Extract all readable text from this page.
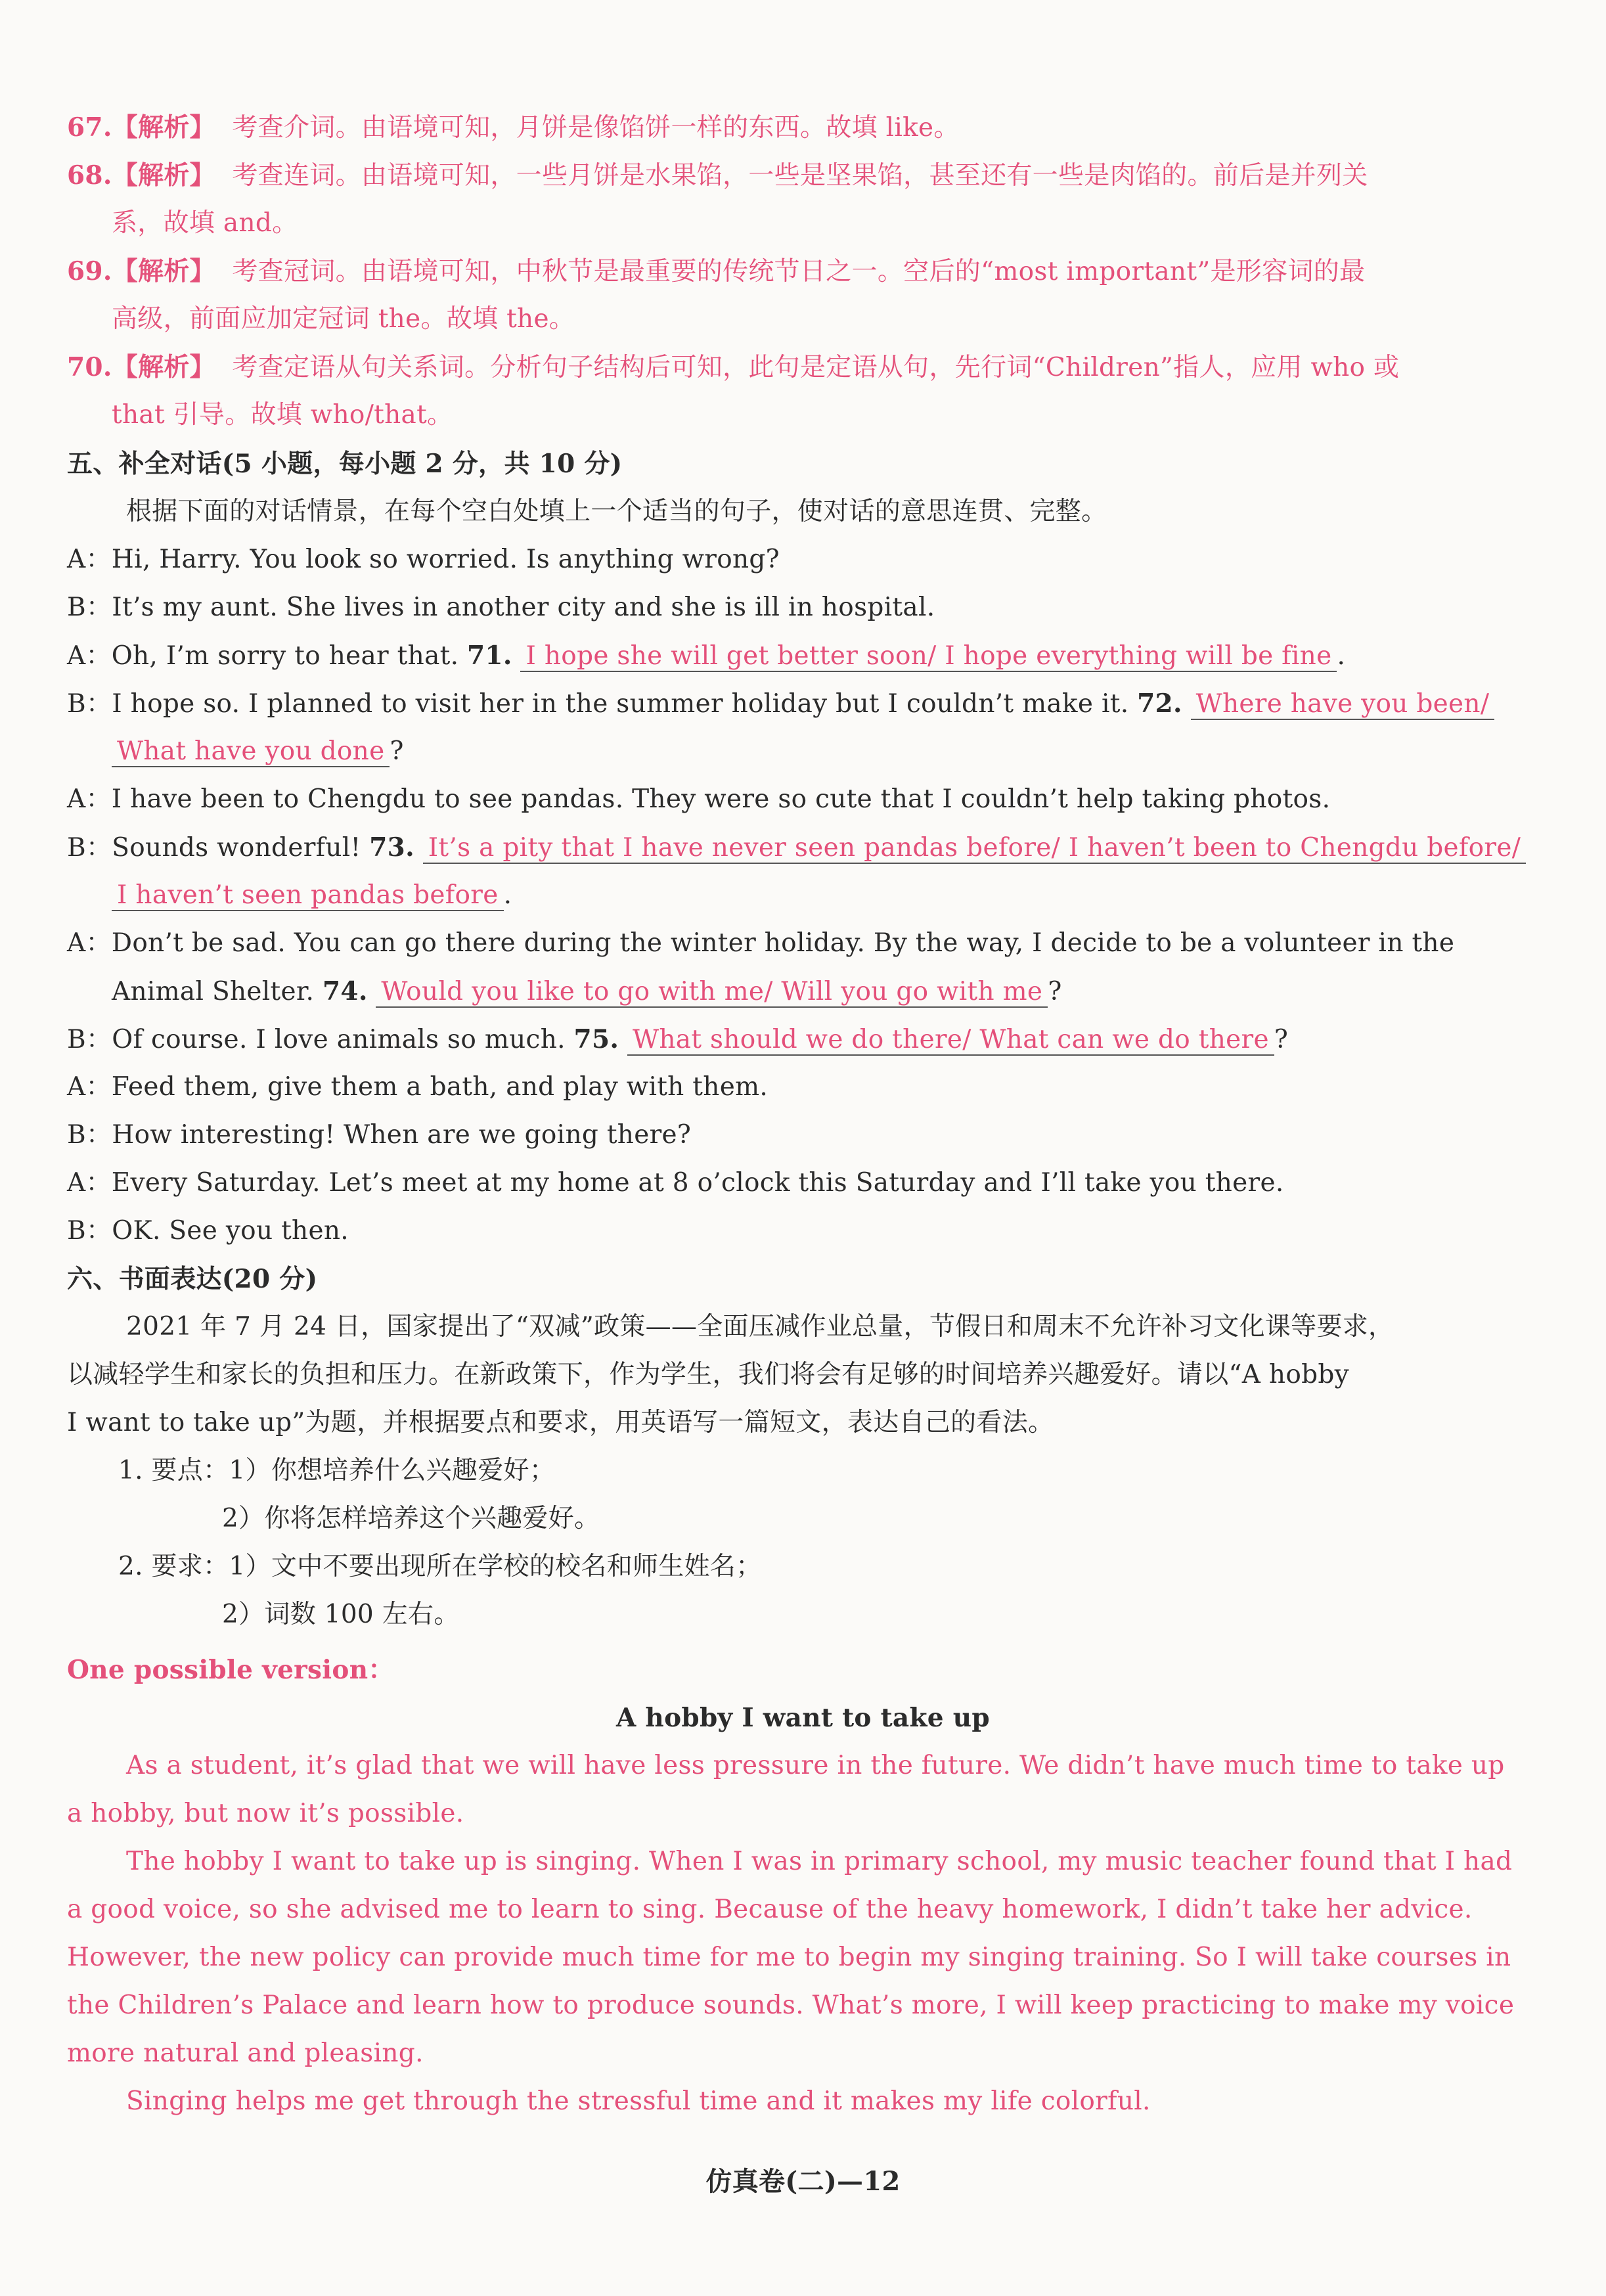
67.【解析】 考查介词。由语境可知，月饼是像馅饼一样的东西。故填 like。
68.【解析】 考查连词。由语境可知，一些月饼是水果馅，一些是坚果馅，甚至还有一些是肉馅的。前后是并列关
系，故填 and。
69.【解析】 考查冠词。由语境可知，中秋节是最重要的传统节日之一。空后的“most important”是形容词的最
高级，前面应加定冠词 the。故填 the。
70.【解析】 考查定语从句关系词。分析句子结构后可知，此句是定语从句，先行词“Children”指人，应用 who 或
that 引导。故填 who/that。
五、补全对话(5 小题，每小题 2 分，共 10 分)
根据下面的对话情景，在每个空白处填上一个适当的句子，使对话的意思连贯、完整。
A：Hi, Harry. You look so worried. Is anything wrong?
B：It’s my aunt. She lives in another city and she is ill in hospital.
A：Oh, I’m sorry to hear that. 71. I hope she will get better soon/ I hope everything will be fine .
B：I hope so. I planned to visit her in the summer holiday but I couldn’t make it. 72. Where have you been/
What have you done ?
A：I have been to Chengdu to see pandas. They were so cute that I couldn’t help taking photos.
B：Sounds wonderful! 73. It’s a pity that I have never seen pandas before/ I haven’t been to Chengdu before/
I haven’t seen pandas before .
A：Don’t be sad. You can go there during the winter holiday. By the way, I decide to be a volunteer in the
Animal Shelter. 74. Would you like to go with me/ Will you go with me ?
B：Of course. I love animals so much. 75. What should we do there/ What can we do there ?
A：Feed them, give them a bath, and play with them.
B：How interesting! When are we going there?
A：Every Saturday. Let’s meet at my home at 8 o’clock this Saturday and I’ll take you there.
B：OK. See you then.
六、书面表达(20 分)
2021 年 7 月 24 日，国家提出了“双减”政策——全面压减作业总量，节假日和周末不允许补习文化课等要求，
以减轻学生和家长的负担和压力。在新政策下，作为学生，我们将会有足够的时间培养兴趣爱好。请以“A hobby
I want to take up”为题，并根据要点和要求，用英语写一篇短文，表达自己的看法。
1. 要点：1）你想培养什么兴趣爱好；
2）你将怎样培养这个兴趣爱好。
2. 要求：1）文中不要出现所在学校的校名和师生姓名；
2）词数 100 左右。
One possible version：
A hobby I want to take up
As a student, it’s glad that we will have less pressure in the future. We didn’t have much time to take up
a hobby, but now it’s possible.
The hobby I want to take up is singing. When I was in primary school, my music teacher found that I had
a good voice, so she advised me to learn to sing. Because of the heavy homework, I didn’t take her advice.
However, the new policy can provide much time for me to begin my singing training. So I will take courses in
the Children’s Palace and learn how to produce sounds. What’s more, I will keep practicing to make my voice
more natural and pleasing.
Singing helps me get through the stressful time and it makes my life colorful.
仿真卷(二)—12
